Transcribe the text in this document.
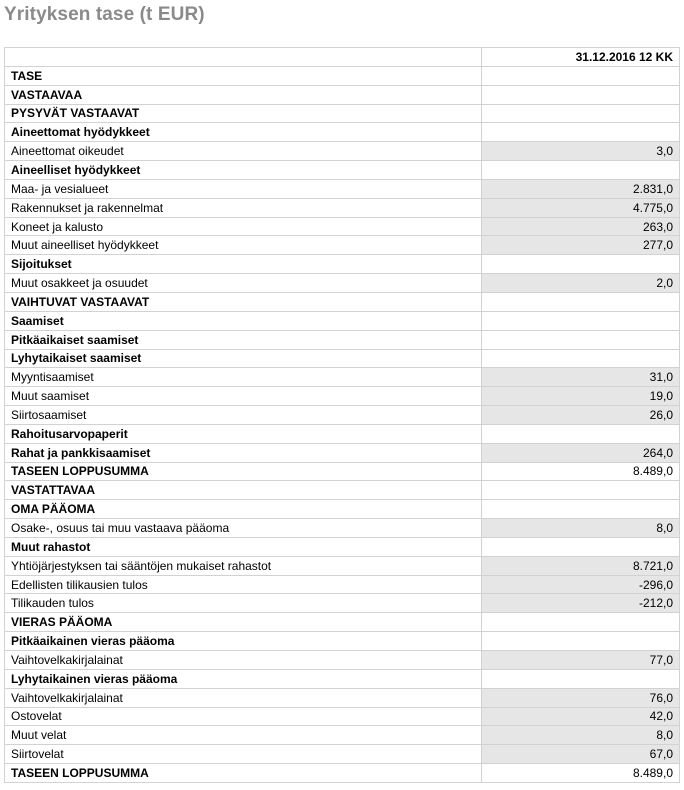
Yrityksen tase (t EUR)
	31.12.2016 12 KK
TASE	
VASTAAVAA	
PYSYVÄT VASTAAVAT	
Aineettomat hyödykkeet	
Aineettomat oikeudet	3,0
Aineelliset hyödykkeet	
Maa- ja vesialueet	2.831,0
Rakennukset ja rakennelmat	4.775,0
Koneet ja kalusto	263,0
Muut aineelliset hyödykkeet	277,0
Sijoitukset	
Muut osakkeet ja osuudet	2,0
VAIHTUVAT VASTAAVAT	
Saamiset	
Pitkäaikaiset saamiset	
Lyhytaikaiset saamiset	
Myyntisaamiset	31,0
Muut saamiset	19,0
Siirtosaamiset	26,0
Rahoitusarvopaperit	
Rahat ja pankkisaamiset	264,0
TASEEN LOPPUSUMMA	8.489,0
VASTATTAVAA	
OMA PÄÄOMA	
Osake-, osuus tai muu vastaava pääoma	8,0
Muut rahastot	
Yhtiöjärjestyksen tai sääntöjen mukaiset rahastot	8.721,0
Edellisten tilikausien tulos	-296,0
Tilikauden tulos	-212,0
VIERAS PÄÄOMA	
Pitkäaikainen vieras pääoma	
Vaihtovelkakirjalainat	77,0
Lyhytaikainen vieras pääoma	
Vaihtovelkakirjalainat	76,0
Ostovelat	42,0
Muut velat	8,0
Siirtovelat	67,0
TASEEN LOPPUSUMMA	8.489,0
